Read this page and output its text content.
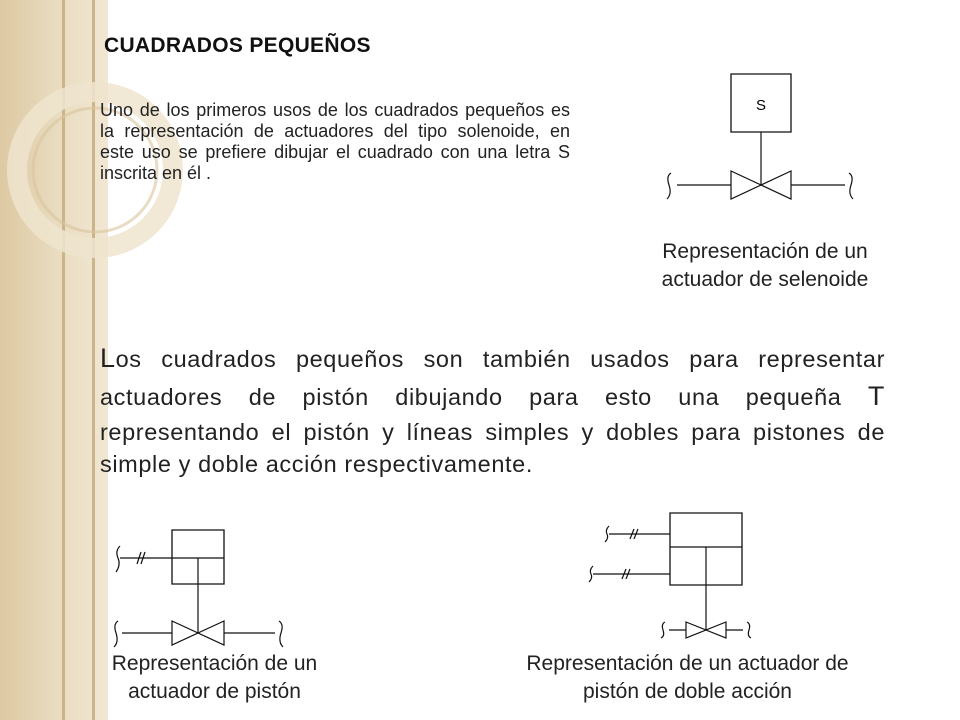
CUADRADOS PEQUEÑOS
Uno de los primeros usos de los cuadrados pequeños es la representación de actuadores del tipo solenoide, en este uso se prefiere dibujar el cuadrado con una letra S inscrita en él .
S
Representación de un
actuador de selenoide
Los cuadrados pequeños son también usados para representar actuadores de pistón dibujando para esto una pequeña T representando el pistón y líneas simples y dobles para pistones de simple y doble acción respectivamente.
Representación de un
actuador de pistón
Representación de un actuador de
pistón de doble acción
